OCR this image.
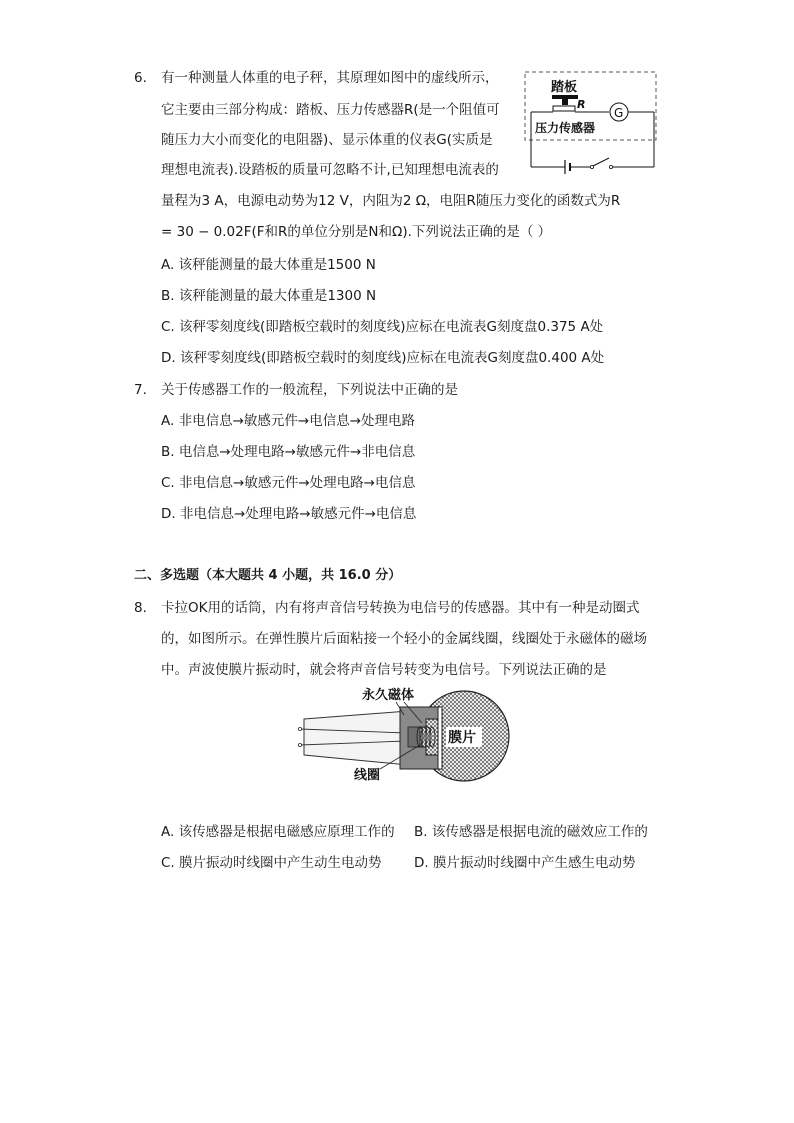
6. 有一种测量人体重的电子秤，其原理如图中的虚线所示，
它主要由三部分构成：踏板、压力传感器R(是一个阻值可
随压力大小而变化的电阻器)、显示体重的仪表G(实质是
理想电流表).设踏板的质量可忽略不计,已知理想电流表的
量程为3 A，电源电动势为12 V，内阻为2 Ω，电阻R随压力变化的函数式为R
= 30 − 0.02F(F和R的单位分别是N和Ω).下列说法正确的是（ ）
A. 该秤能测量的最大体重是1500 N
B. 该秤能测量的最大体重是1300 N
C. 该秤零刻度线(即踏板空载时的刻度线)应标在电流表G刻度盘0.375 A处
D. 该秤零刻度线(即踏板空载时的刻度线)应标在电流表G刻度盘0.400 A处
踏板
R
G
压力传感器
7. 关于传感器工作的一般流程，下列说法中正确的是
A. 非电信息→敏感元件→电信息→处理电路
B. 电信息→处理电路→敏感元件→非电信息
C. 非电信息→敏感元件→处理电路→电信息
D. 非电信息→处理电路→敏感元件→电信息
二、多选题（本大题共 4 小题，共 16.0 分）
8. 卡拉OK用的话筒，内有将声音信号转换为电信号的传感器。其中有一种是动圈式
的，如图所示。在弹性膜片后面粘接一个轻小的金属线圈，线圈处于永磁体的磁场
中。声波使膜片振动时，就会将声音信号转变为电信号。下列说法正确的是
膜片
永久磁体
线圈
A. 该传感器是根据电磁感应原理工作的 B. 该传感器是根据电流的磁效应工作的
C. 膜片振动时线圈中产生动生电动势 D. 膜片振动时线圈中产生感生电动势
